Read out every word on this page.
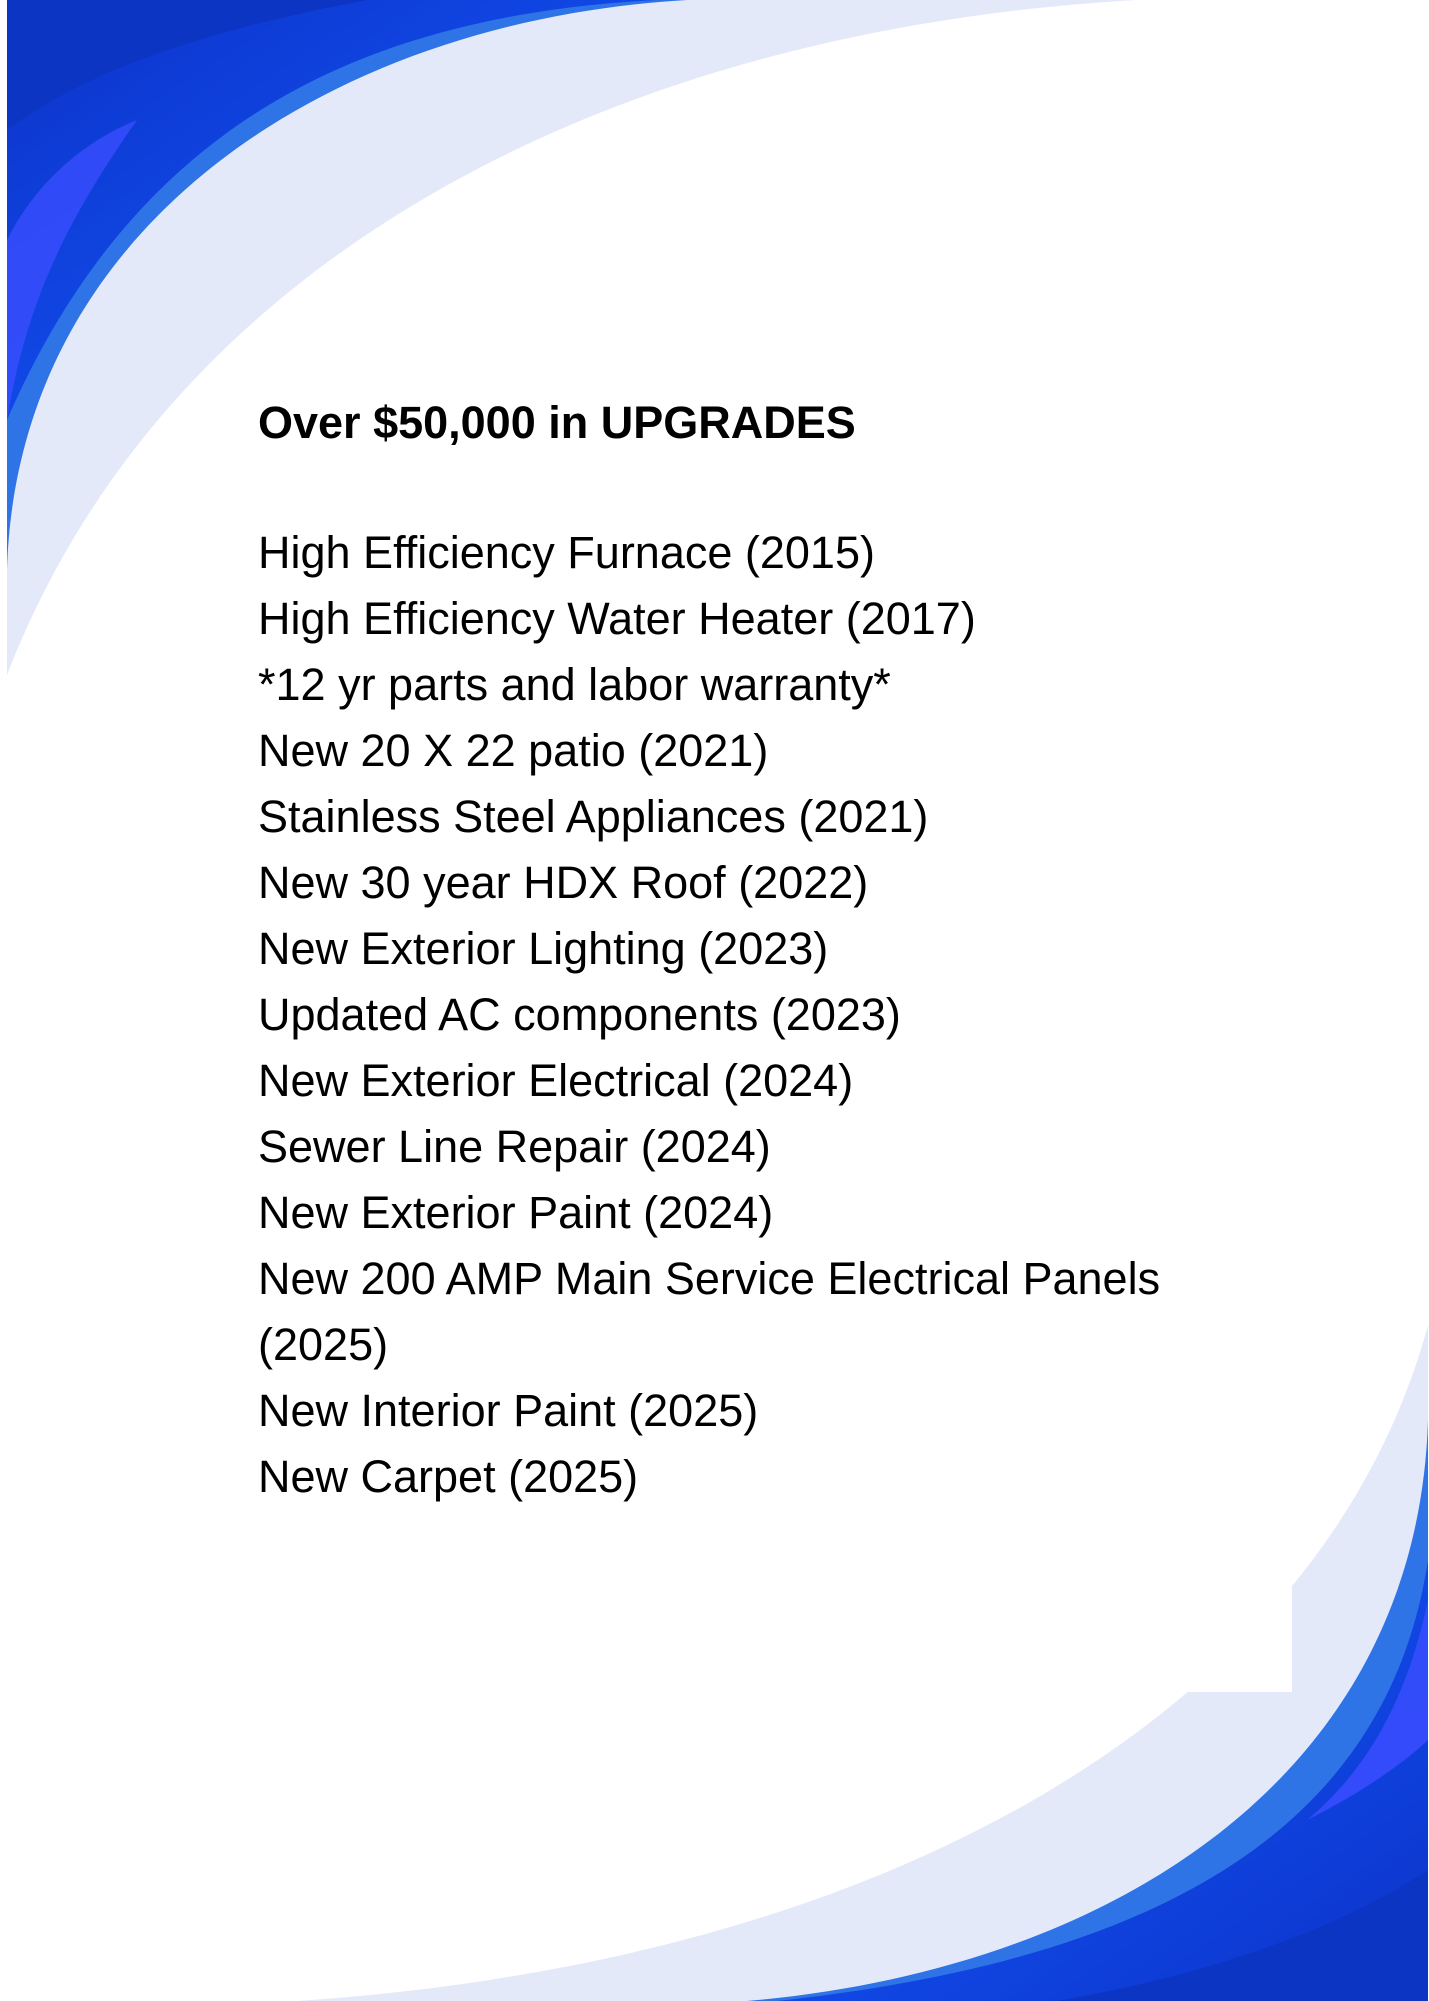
Over $50,000 in UPGRADES
High Efficiency Furnace (2015)
High Efficiency Water Heater (2017)
*12 yr parts and labor warranty*
New 20 X 22 patio (2021)
Stainless Steel Appliances (2021)
New 30 year HDX Roof (2022)
New Exterior Lighting (2023)
Updated AC components (2023)
New Exterior Electrical (2024)
Sewer Line Repair (2024)
New Exterior Paint (2024)
New 200 AMP Main Service Electrical Panels (2025)
New Interior Paint (2025)
New Carpet (2025)
